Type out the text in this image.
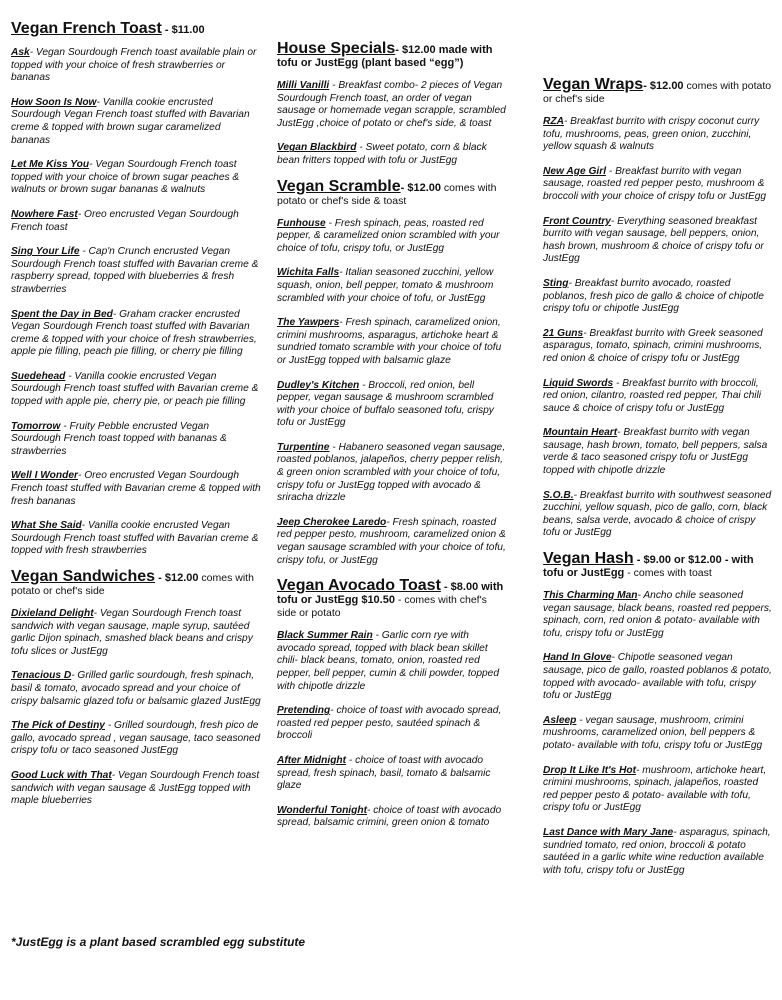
Vegan French Toast - $11.00
Ask- Vegan Sourdough French toast available plain or topped with your choice of fresh strawberries or bananas
How Soon Is Now- Vanilla cookie encrusted Sourdough Vegan French toast stuffed with Bavarian creme & topped with brown sugar caramelized bananas
Let Me Kiss You- Vegan Sourdough French toast topped with your choice of brown sugar peaches & walnuts or brown sugar bananas & walnuts
Nowhere Fast- Oreo encrusted Vegan Sourdough French toast
Sing Your Life - Cap'n Crunch encrusted Vegan Sourdough French toast stuffed with Bavarian creme & raspberry spread, topped with blueberries & fresh strawberries
Spent the Day in Bed- Graham cracker encrusted Vegan Sourdough French toast stuffed with Bavarian creme & topped with your choice of fresh strawberries, apple pie filling, peach pie filling, or cherry pie filling
Suedehead - Vanilla cookie encrusted Vegan Sourdough French toast stuffed with Bavarian creme & topped with apple pie, cherry pie, or peach pie filling
Tomorrow - Fruity Pebble encrusted Vegan Sourdough French toast topped with bananas & strawberries
Well I Wonder- Oreo encrusted Vegan Sourdough French toast stuffed with Bavarian creme & topped with fresh bananas
What She Said- Vanilla cookie encrusted Vegan Sourdough French toast stuffed with Bavarian creme & topped with fresh strawberries
Vegan Sandwiches - $12.00 comes with potato or chef's side
Dixieland Delight- Vegan Sourdough French toast sandwich with vegan sausage, maple syrup, sautéed garlic Dijon spinach, smashed black beans and crispy tofu slices or JustEgg
Tenacious D- Grilled garlic sourdough, fresh spinach, basil & tomato, avocado spread and your choice of crispy balsamic glazed tofu or balsamic glazed JustEgg
The Pick of Destiny - Grilled sourdough, fresh pico de gallo, avocado spread , vegan sausage, taco seasoned crispy tofu or taco seasoned JustEgg
Good Luck with That- Vegan Sourdough French toast sandwich with vegan sausage & JustEgg topped with maple blueberries
House Specials- $12.00 made with tofu or JustEgg (plant based “egg”)
Milli Vanilli - Breakfast combo- 2 pieces of Vegan Sourdough French toast, an order of vegan sausage or homemade vegan scrapple, scrambled JustEgg ,choice of potato or chef's side, & toast
Vegan Blackbird - Sweet potato, corn & black bean fritters topped with tofu or JustEgg
Vegan Scramble- $12.00 comes with potato or chef's side & toast
Funhouse - Fresh spinach, peas, roasted red pepper, & caramelized onion scrambled with your choice of tofu, crispy tofu, or JustEgg
Wichita Falls- Italian seasoned zucchini, yellow squash, onion, bell pepper, tomato & mushroom scrambled with your choice of tofu, or JustEgg
The Yawpers- Fresh spinach, caramelized onion, crimini mushrooms, asparagus, artichoke heart & sundried tomato scramble with your choice of tofu or JustEgg topped with balsamic glaze
Dudley's Kitchen - Broccoli, red onion, bell pepper, vegan sausage & mushroom scrambled with your choice of buffalo seasoned tofu, crispy tofu or JustEgg
Turpentine - Habanero seasoned vegan sausage, roasted poblanos, jalapeños, cherry pepper relish, & green onion scrambled with your choice of tofu, crispy tofu or JustEgg topped with avocado & sriracha drizzle
Jeep Cherokee Laredo- Fresh spinach, roasted red pepper pesto, mushroom, caramelized onion & vegan sausage scrambled with your choice of tofu, crispy tofu, or JustEgg
Vegan Avocado Toast - $8.00 with tofu or JustEgg $10.50 - comes with chef's side or potato
Black Summer Rain - Garlic corn rye with avocado spread, topped with black bean skillet chili- black beans, tomato, onion, roasted red pepper, bell pepper, cumin & chili powder, topped with chipotle drizzle
Pretending- choice of toast with avocado spread, roasted red pepper pesto, sautéed spinach & broccoli
After Midnight - choice of toast with avocado spread, fresh spinach, basil, tomato & balsamic glaze
Wonderful Tonight- choice of toast with avocado spread, balsamic crimini, green onion & tomato
Vegan Wraps- $12.00 comes with potato or chef's side
RZA- Breakfast burrito with crispy coconut curry tofu, mushrooms, peas, green onion, zucchini, yellow squash & walnuts
New Age Girl - Breakfast burrito with vegan sausage, roasted red pepper pesto, mushroom & broccoli with your choice of crispy tofu or JustEgg
Front Country- Everything seasoned breakfast burrito with vegan sausage, bell peppers, onion, hash brown, mushroom & choice of crispy tofu or JustEgg
Sting- Breakfast burrito avocado, roasted poblanos, fresh pico de gallo & choice of chipotle crispy tofu or chipotle JustEgg
21 Guns- Breakfast burrito with Greek seasoned asparagus, tomato, spinach, crimini mushrooms, red onion & choice of crispy tofu or JustEgg
Liquid Swords - Breakfast burrito with broccoli, red onion, cilantro, roasted red pepper, Thai chili sauce & choice of crispy tofu or JustEgg
Mountain Heart- Breakfast burrito with vegan sausage, hash brown, tomato, bell peppers, salsa verde & taco seasoned crispy tofu or JustEgg topped with chipotle drizzle
S.O.B.- Breakfast burrito with southwest seasoned zucchini, yellow squash, pico de gallo, corn, black beans, salsa verde, avocado & choice of crispy tofu or JustEgg
Vegan Hash - $9.00 or $12.00 - with tofu or JustEgg - comes with toast
This Charming Man- Ancho chile seasoned vegan sausage, black beans, roasted red peppers, spinach, corn, red onion & potato- available with tofu, crispy tofu or JustEgg
Hand In Glove- Chipotle seasoned vegan sausage, pico de gallo, roasted poblanos & potato, topped with avocado- available with tofu, crispy tofu or JustEgg
Asleep - vegan sausage, mushroom, crimini mushrooms, caramelized onion, bell peppers & potato- available with tofu, crispy tofu or JustEgg
Drop It Like It's Hot- mushroom, artichoke heart, crimini mushrooms, spinach, jalapeños, roasted red pepper pesto & potato- available with tofu, crispy tofu or JustEgg
Last Dance with Mary Jane- asparagus, spinach, sundried tomato, red onion, broccoli & potato sautéed in a garlic white wine reduction available with tofu, crispy tofu or JustEgg
*JustEgg is a plant based scrambled egg substitute
